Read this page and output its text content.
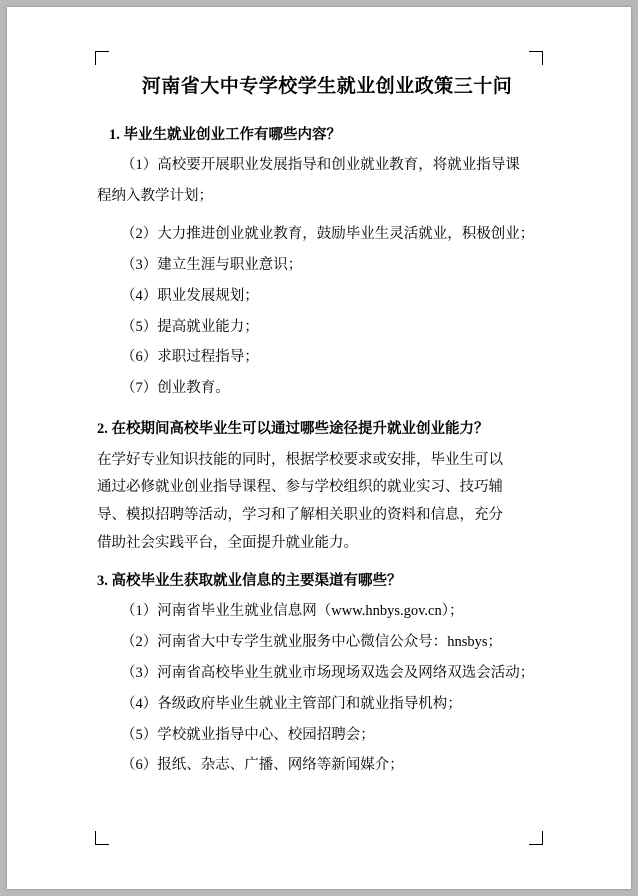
河南省大中专学校学生就业创业政策三十问

1. 毕业生就业创业工作有哪些内容？

（1）高校要开展职业发展指导和创业就业教育，将就业指导课

程纳入教学计划；

（2）大力推进创业就业教育，鼓励毕业生灵活就业，积极创业；

（3）建立生涯与职业意识；

（4）职业发展规划；

（5）提高就业能力；

（6）求职过程指导；

（7）创业教育。

2. 在校期间高校毕业生可以通过哪些途径提升就业创业能力？

在学好专业知识技能的同时，根据学校要求或安排，毕业生可以

通过必修就业创业指导课程、参与学校组织的就业实习、技巧辅

导、模拟招聘等活动，学习和了解相关职业的资料和信息，充分

借助社会实践平台，全面提升就业能力。

3. 高校毕业生获取就业信息的主要渠道有哪些？

（1）河南省毕业生就业信息网（www.hnbys.gov.cn）；

（2）河南省大中专学生就业服务中心微信公众号：hnsbys；

（3）河南省高校毕业生就业市场现场双选会及网络双选会活动；

（4）各级政府毕业生就业主管部门和就业指导机构；

（5）学校就业指导中心、校园招聘会；

（6）报纸、杂志、广播、网络等新闻媒介；
